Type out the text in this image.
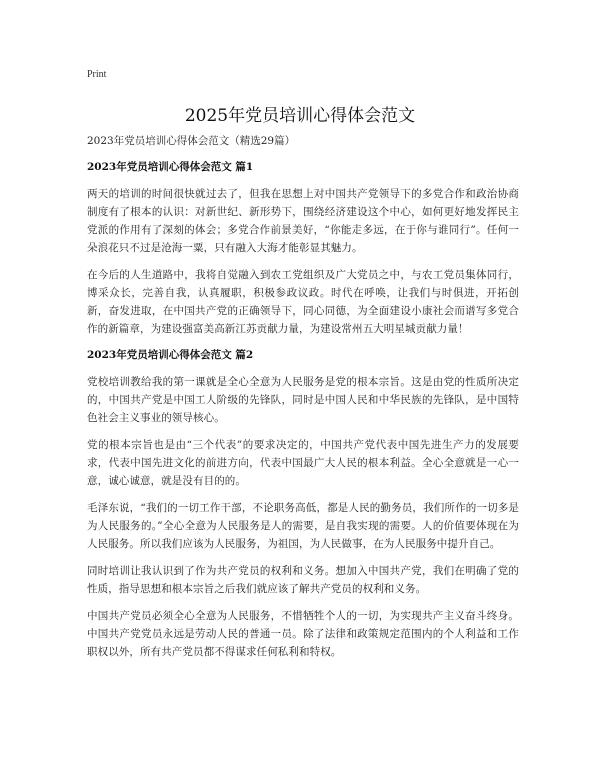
Print
2025年党员培训心得体会范文
2023年党员培训心得体会范文（精选29篇）
2023年党员培训心得体会范文 篇1

两天的培训的时间很快就过去了，但我在思想上对中国共产党领导下的多党合作和政治协商制度有了根本的认识：对新世纪、新形势下，围绕经济建设这个中心，如何更好地发挥民主党派的作用有了深刻的体会；多党合作前景美好，“你能走多远，在于你与谁同行”。任何一朵浪花只不过是沧海一粟，只有融入大海才能彰显其魅力。

在今后的人生道路中，我将自觉融入到农工党组织及广大党员之中，与农工党员集体同行，博采众长，完善自我，认真履职，积极参政议政。时代在呼唤，让我们与时俱进，开拓创新，奋发进取，在中国共产党的正确领导下，同心同德，为全面建设小康社会而谱写多党合作的新篇章，为建设强富美高新江苏贡献力量，为建设常州五大明星城贡献力量！

2023年党员培训心得体会范文 篇2

党校培训教给我的第一课就是全心全意为人民服务是党的根本宗旨。这是由党的性质所决定的，中国共产党是中国工人阶级的先锋队，同时是中国人民和中华民族的先锋队，是中国特色社会主义事业的领导核心。

党的根本宗旨也是由“三个代表”的要求决定的，中国共产党代表中国先进生产力的发展要求，代表中国先进文化的前进方向，代表中国最广大人民的根本利益。全心全意就是一心一意，诚心诚意，就是没有目的的。

毛泽东说，“我们的一切工作干部，不论职务高低，都是人民的勤务员，我们所作的一切多是为人民服务的。”全心全意为人民服务是人的需要，是自我实现的需要。人的价值要体现在为人民服务。所以我们应该为人民服务，为祖国，为人民做事，在为人民服务中提升自己。

同时培训让我认识到了作为共产党员的权利和义务。想加入中国共产党，我们在明确了党的性质，指导思想和根本宗旨之后我们就应该了解共产党员的权利和义务。

中国共产党员必须全心全意为人民服务，不惜牺牲个人的一切，为实现共产主义奋斗终身。中国共产党党员永远是劳动人民的普通一员。除了法律和政策规定范围内的个人利益和工作职权以外，所有共产党员都不得谋求任何私利和特权。
